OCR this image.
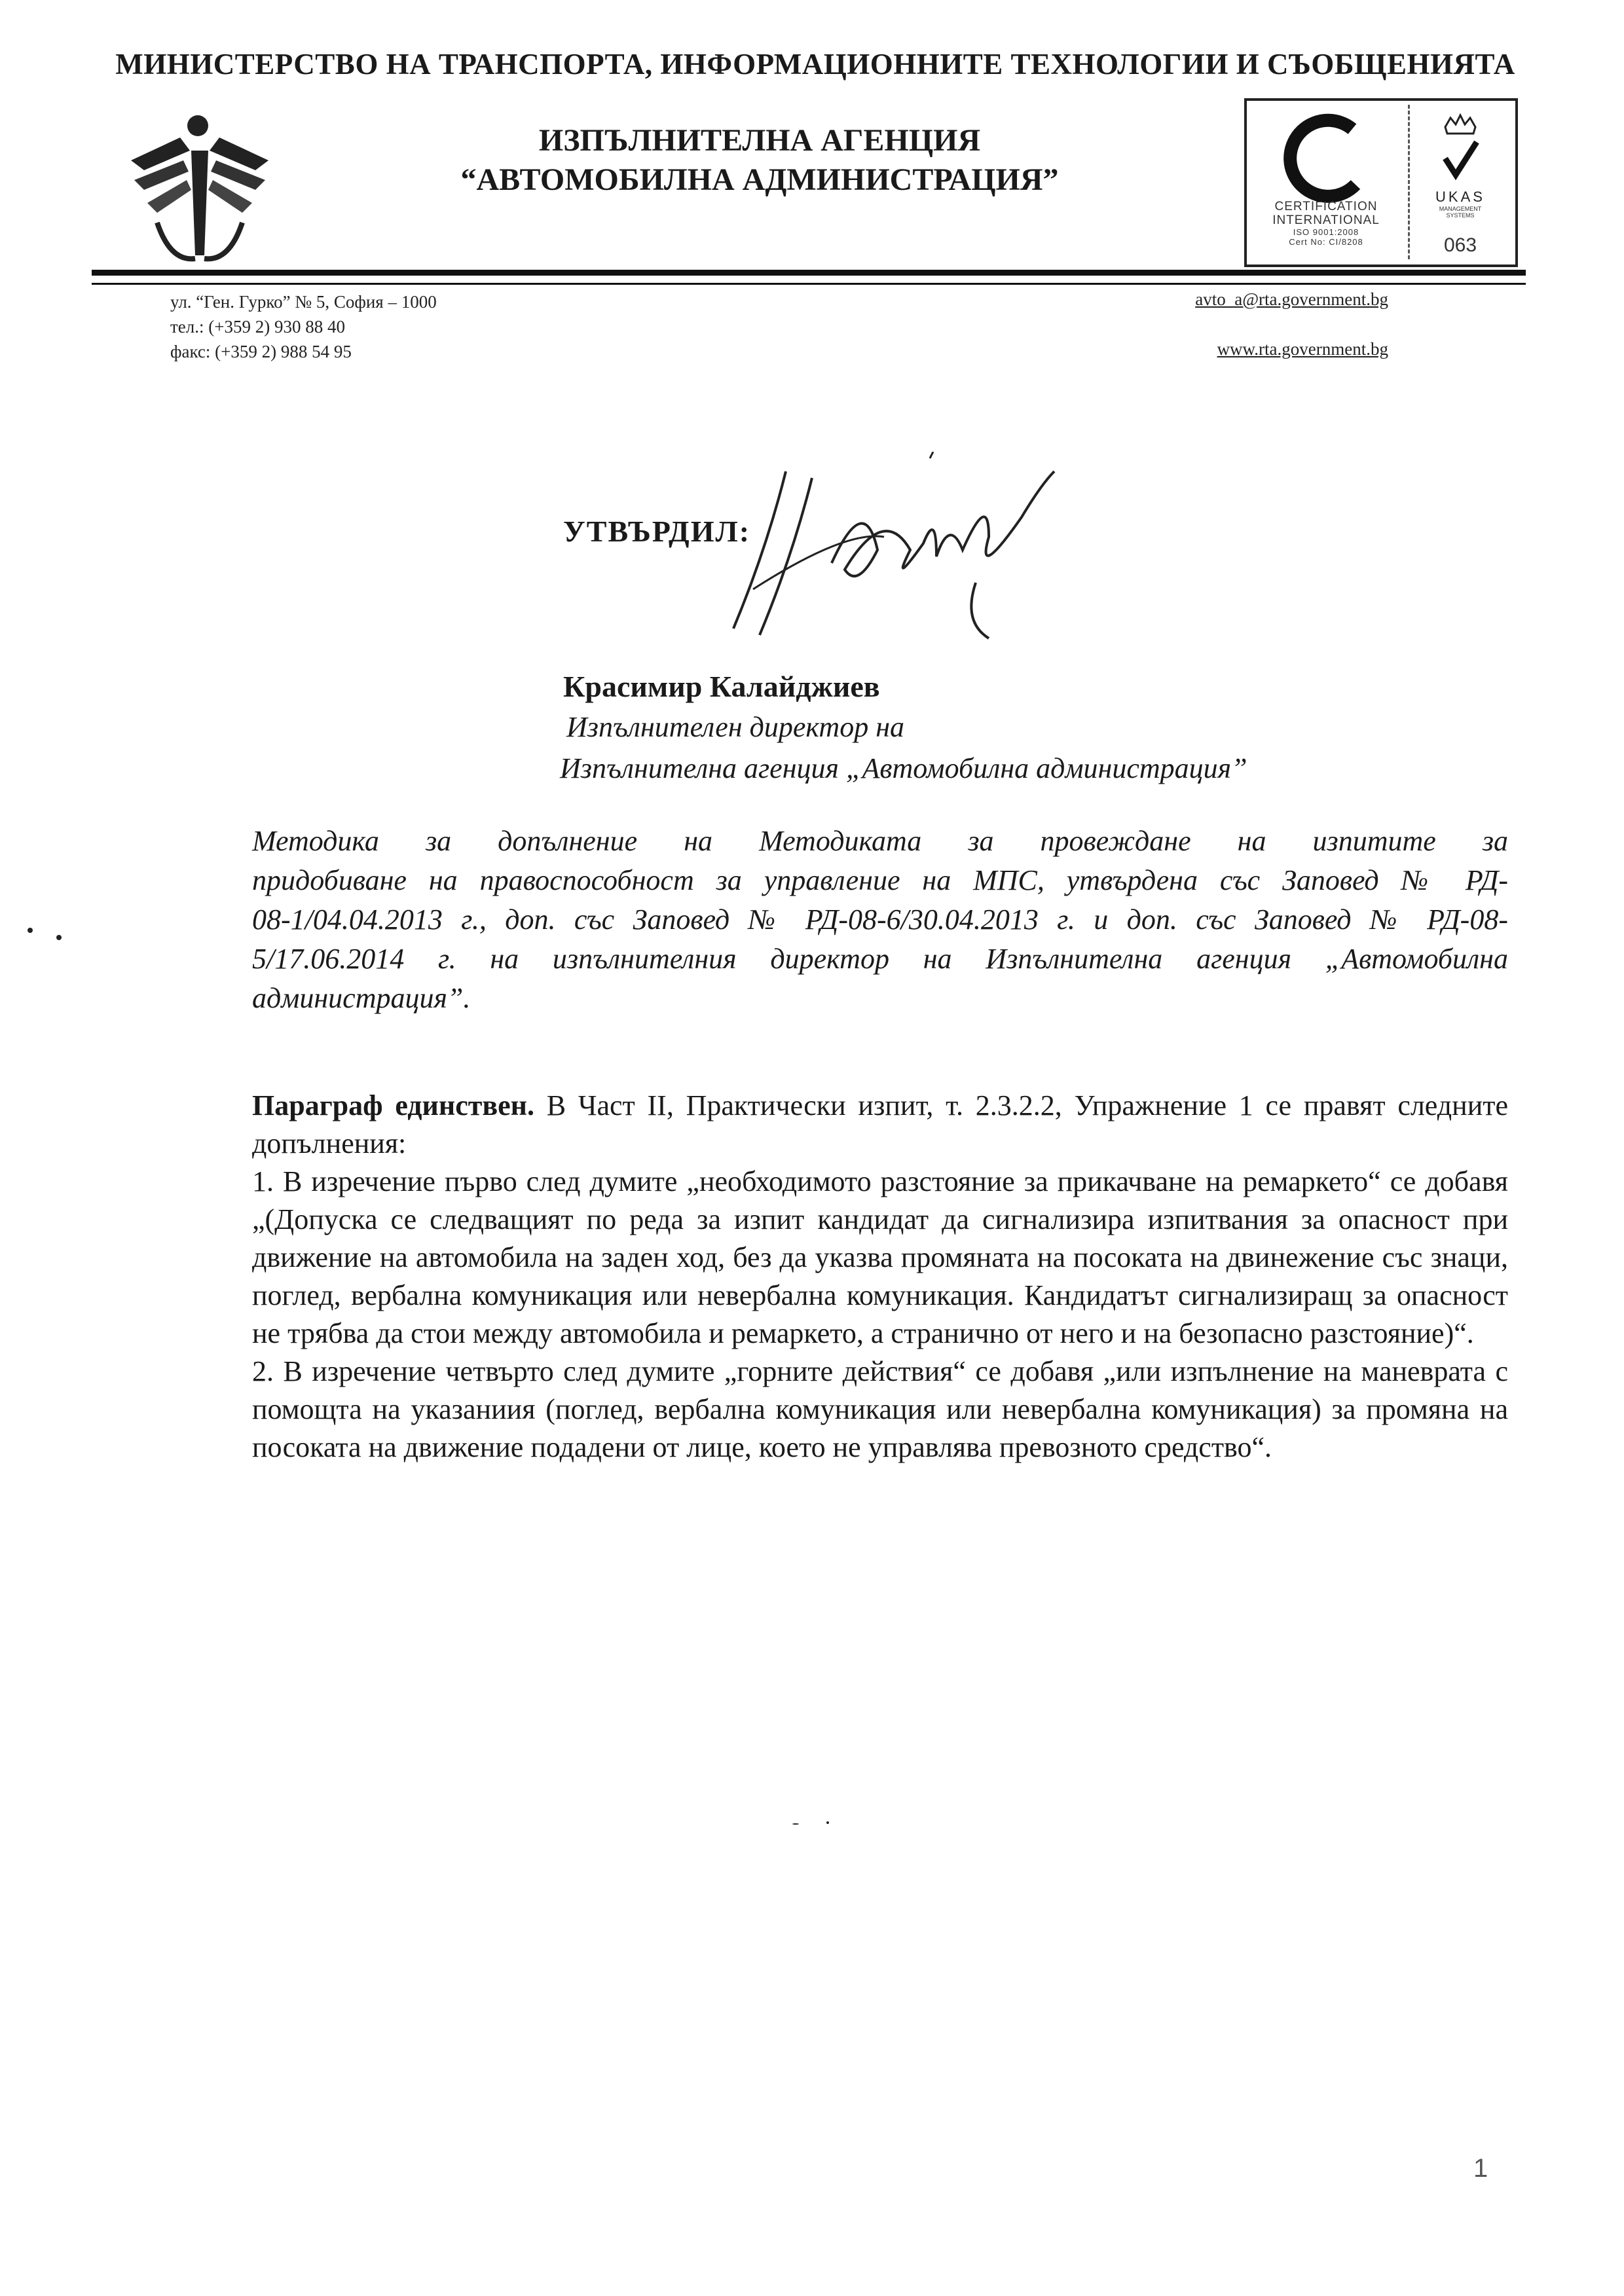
МИНИСТЕРСТВО НА ТРАНСПОРТА, ИНФОРМАЦИОННИТЕ ТЕХНОЛОГИИ И СЪОБЩЕНИЯТА
ИЗПЪЛНИТЕЛНА АГЕНЦИЯ
“АВТОМОБИЛНА АДМИНИСТРАЦИЯ”
CERTIFICATION
INTERNATIONAL
ISO 9001:2008
Cert No: CI/8208
UKAS
MANAGEMENT
SYSTEMS
063
ул. “Ген. Гурко” № 5, София – 1000
тел.: (+359 2) 930 88 40
факс: (+359 2) 988 54 95
avto_a@rta.government.bg
www.rta.government.bg
УТВЪРДИЛ:
Красимир Калайджиев
Изпълнителен директор на
Изпълнителна агенция „Автомобилна администрация”
Методика за допълнение на Методиката за провеждане на изпитите за
придобиване на правоспособност за управление на МПС, утвърдена със Заповед № РД-
08-1/04.04.2013 г., доп. със Заповед № РД-08-6/30.04.2013 г. и доп. със Заповед № РД-08-
5/17.06.2014 г. на изпълнителния директор на Изпълнителна агенция „Автомобилна
администрация”.

Параграф единствен. В Част II, Практически изпит, т. 2.3.2.2, Упражнение 1 се правят следните допълнения:

1. В изречение първо след думите „необходимото разстояние за прикачване на ремаркето“ се добавя „(Допуска се следващият по реда за изпит кандидат да сигнализира изпитвания за опасност при движение на автомобила на заден ход, без да указва промяната на посоката на двинежение със знаци, поглед, вербална комуникация или невербална комуникация. Кандидатът сигнализиращ за опасност не трябва да стои между автомобила и ремаркето, а странично от него и на безопасно разстояние)“.

2. В изречение четвърто след думите „горните действия“ се добавя „или изпълнение на маневрата с помощта на указаниия (поглед, вербална комуникация или невербална комуникация) за промяна на посоката на движение подадени от лице, което не управлява превозното средство“.

1
